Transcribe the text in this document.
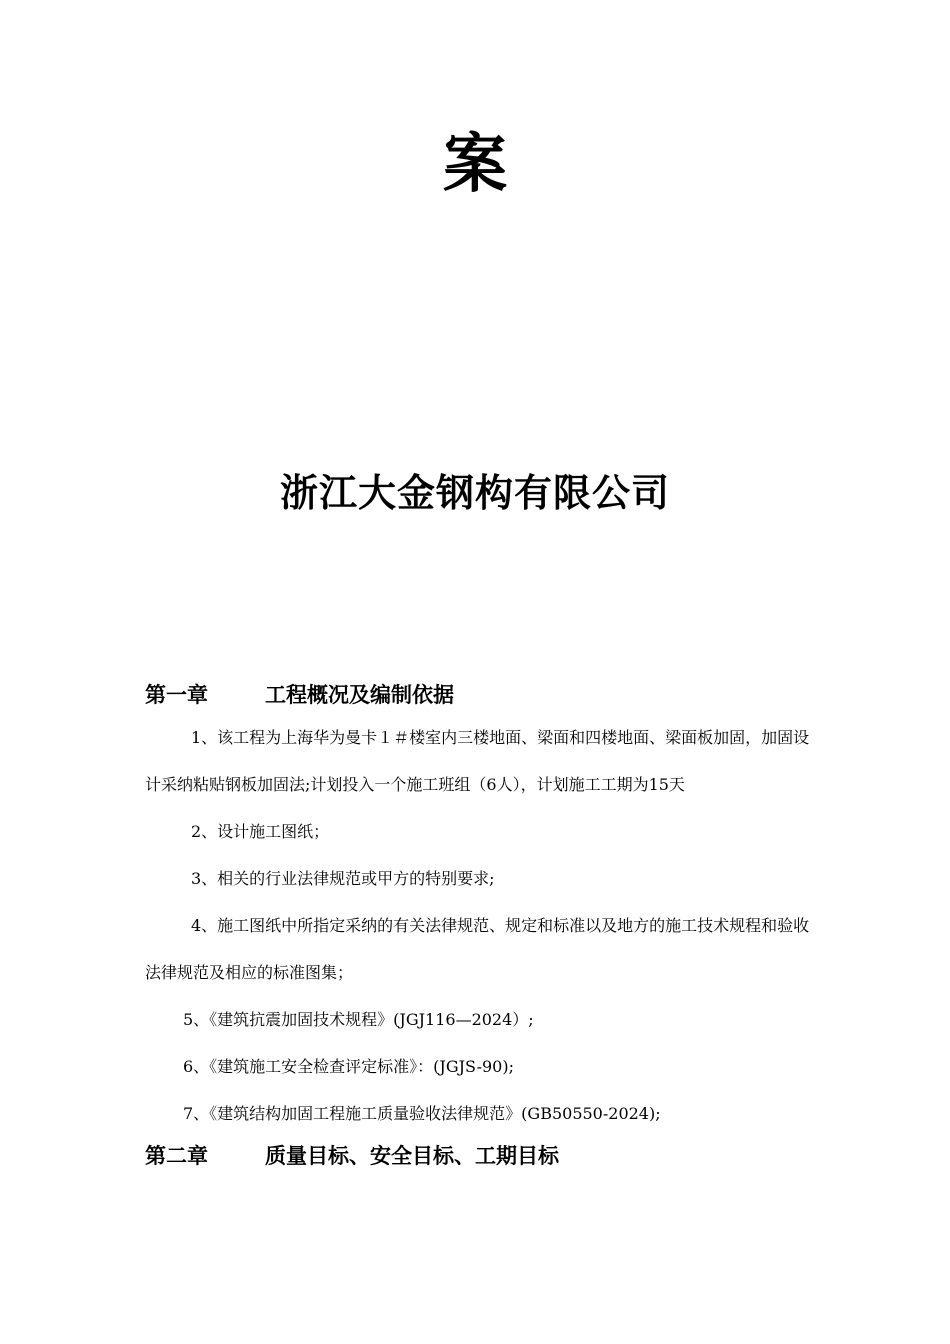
案
浙江大金钢构有限公司
第一章	工程概况及编制依据

1、该工程为上海华为曼卡１＃楼室内三楼地面、梁面和四楼地面、梁面板加固，加固设计采纳粘贴钢板加固法;计划投入一个施工班组（6人），计划施工工期为15天

2、设计施工图纸；

3、相关的行业法律规范或甲方的特别要求;

4、施工图纸中所指定采纳的有关法律规范、规定和标准以及地方的施工技术规程和验收法律规范及相应的标准图集；

5、《建筑抗震加固技术规程》(JGJ116—2024）;

6、《建筑施工安全检查评定标准》：(JGJS-90);

7、《建筑结构加固工程施工质量验收法律规范》(GB50550-2024);

第二章	质量目标、安全目标、工期目标
